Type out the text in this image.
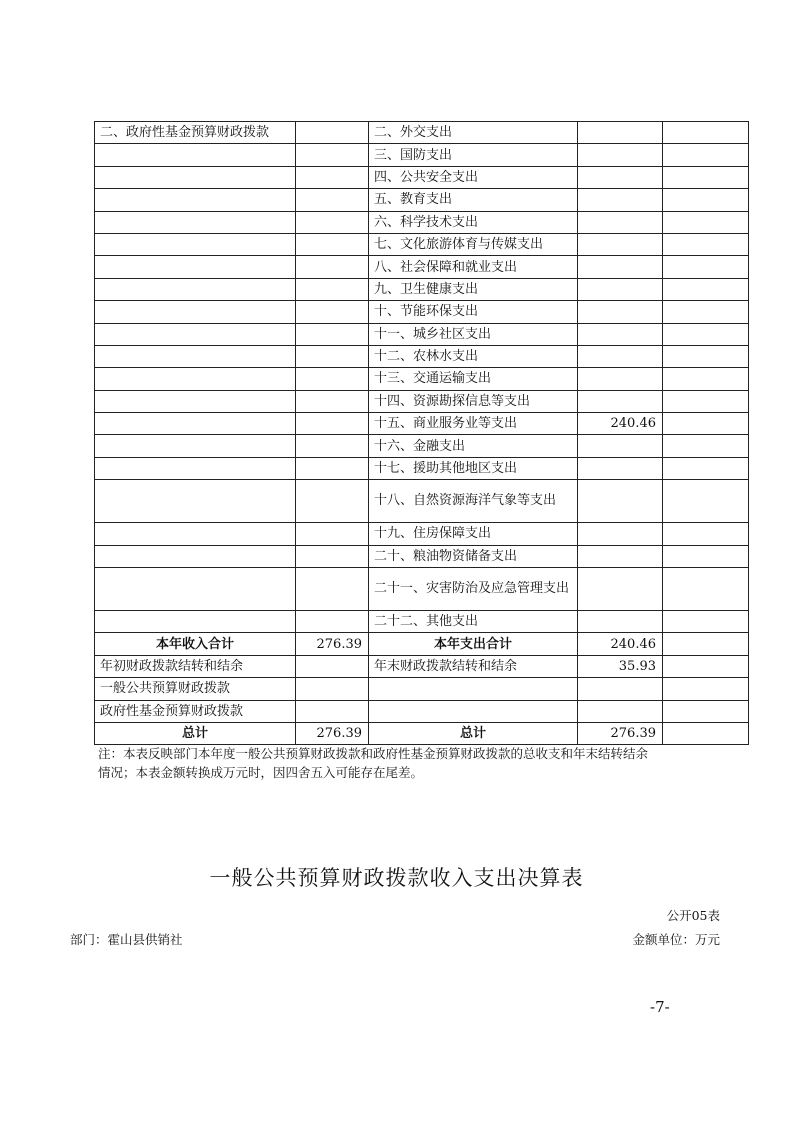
二、政府性基金预算财政拨款		二、外交支出		
		三、国防支出		
		四、公共安全支出		
		五、教育支出		
		六、科学技术支出		
		七、文化旅游体育与传媒支出		
		八、社会保障和就业支出		
		九、卫生健康支出		
		十、节能环保支出		
		十一、城乡社区支出		
		十二、农林水支出		
		十三、交通运输支出		
		十四、资源勘探信息等支出		
		十五、商业服务业等支出	240.46	
		十六、金融支出		
		十七、援助其他地区支出		
		十八、自然资源海洋气象等支出		
		十九、住房保障支出		
		二十、粮油物资储备支出		
		二十一、灾害防治及应急管理支出		
		二十二、其他支出		
本年收入合计	276.39	本年支出合计	240.46	
年初财政拨款结转和结余		年末财政拨款结转和结余	35.93	
一般公共预算财政拨款				
政府性基金预算财政拨款				
总计	276.39	总计	276.39	
注：本表反映部门本年度一般公共预算财政拨款和政府性基金预算财政拨款的总收支和年末结转结余
情况；本表金额转换成万元时，因四舍五入可能存在尾差。
一般公共预算财政拨款收入支出决算表
公开05表
部门：霍山县供销社	金额单位：万元
-7-
